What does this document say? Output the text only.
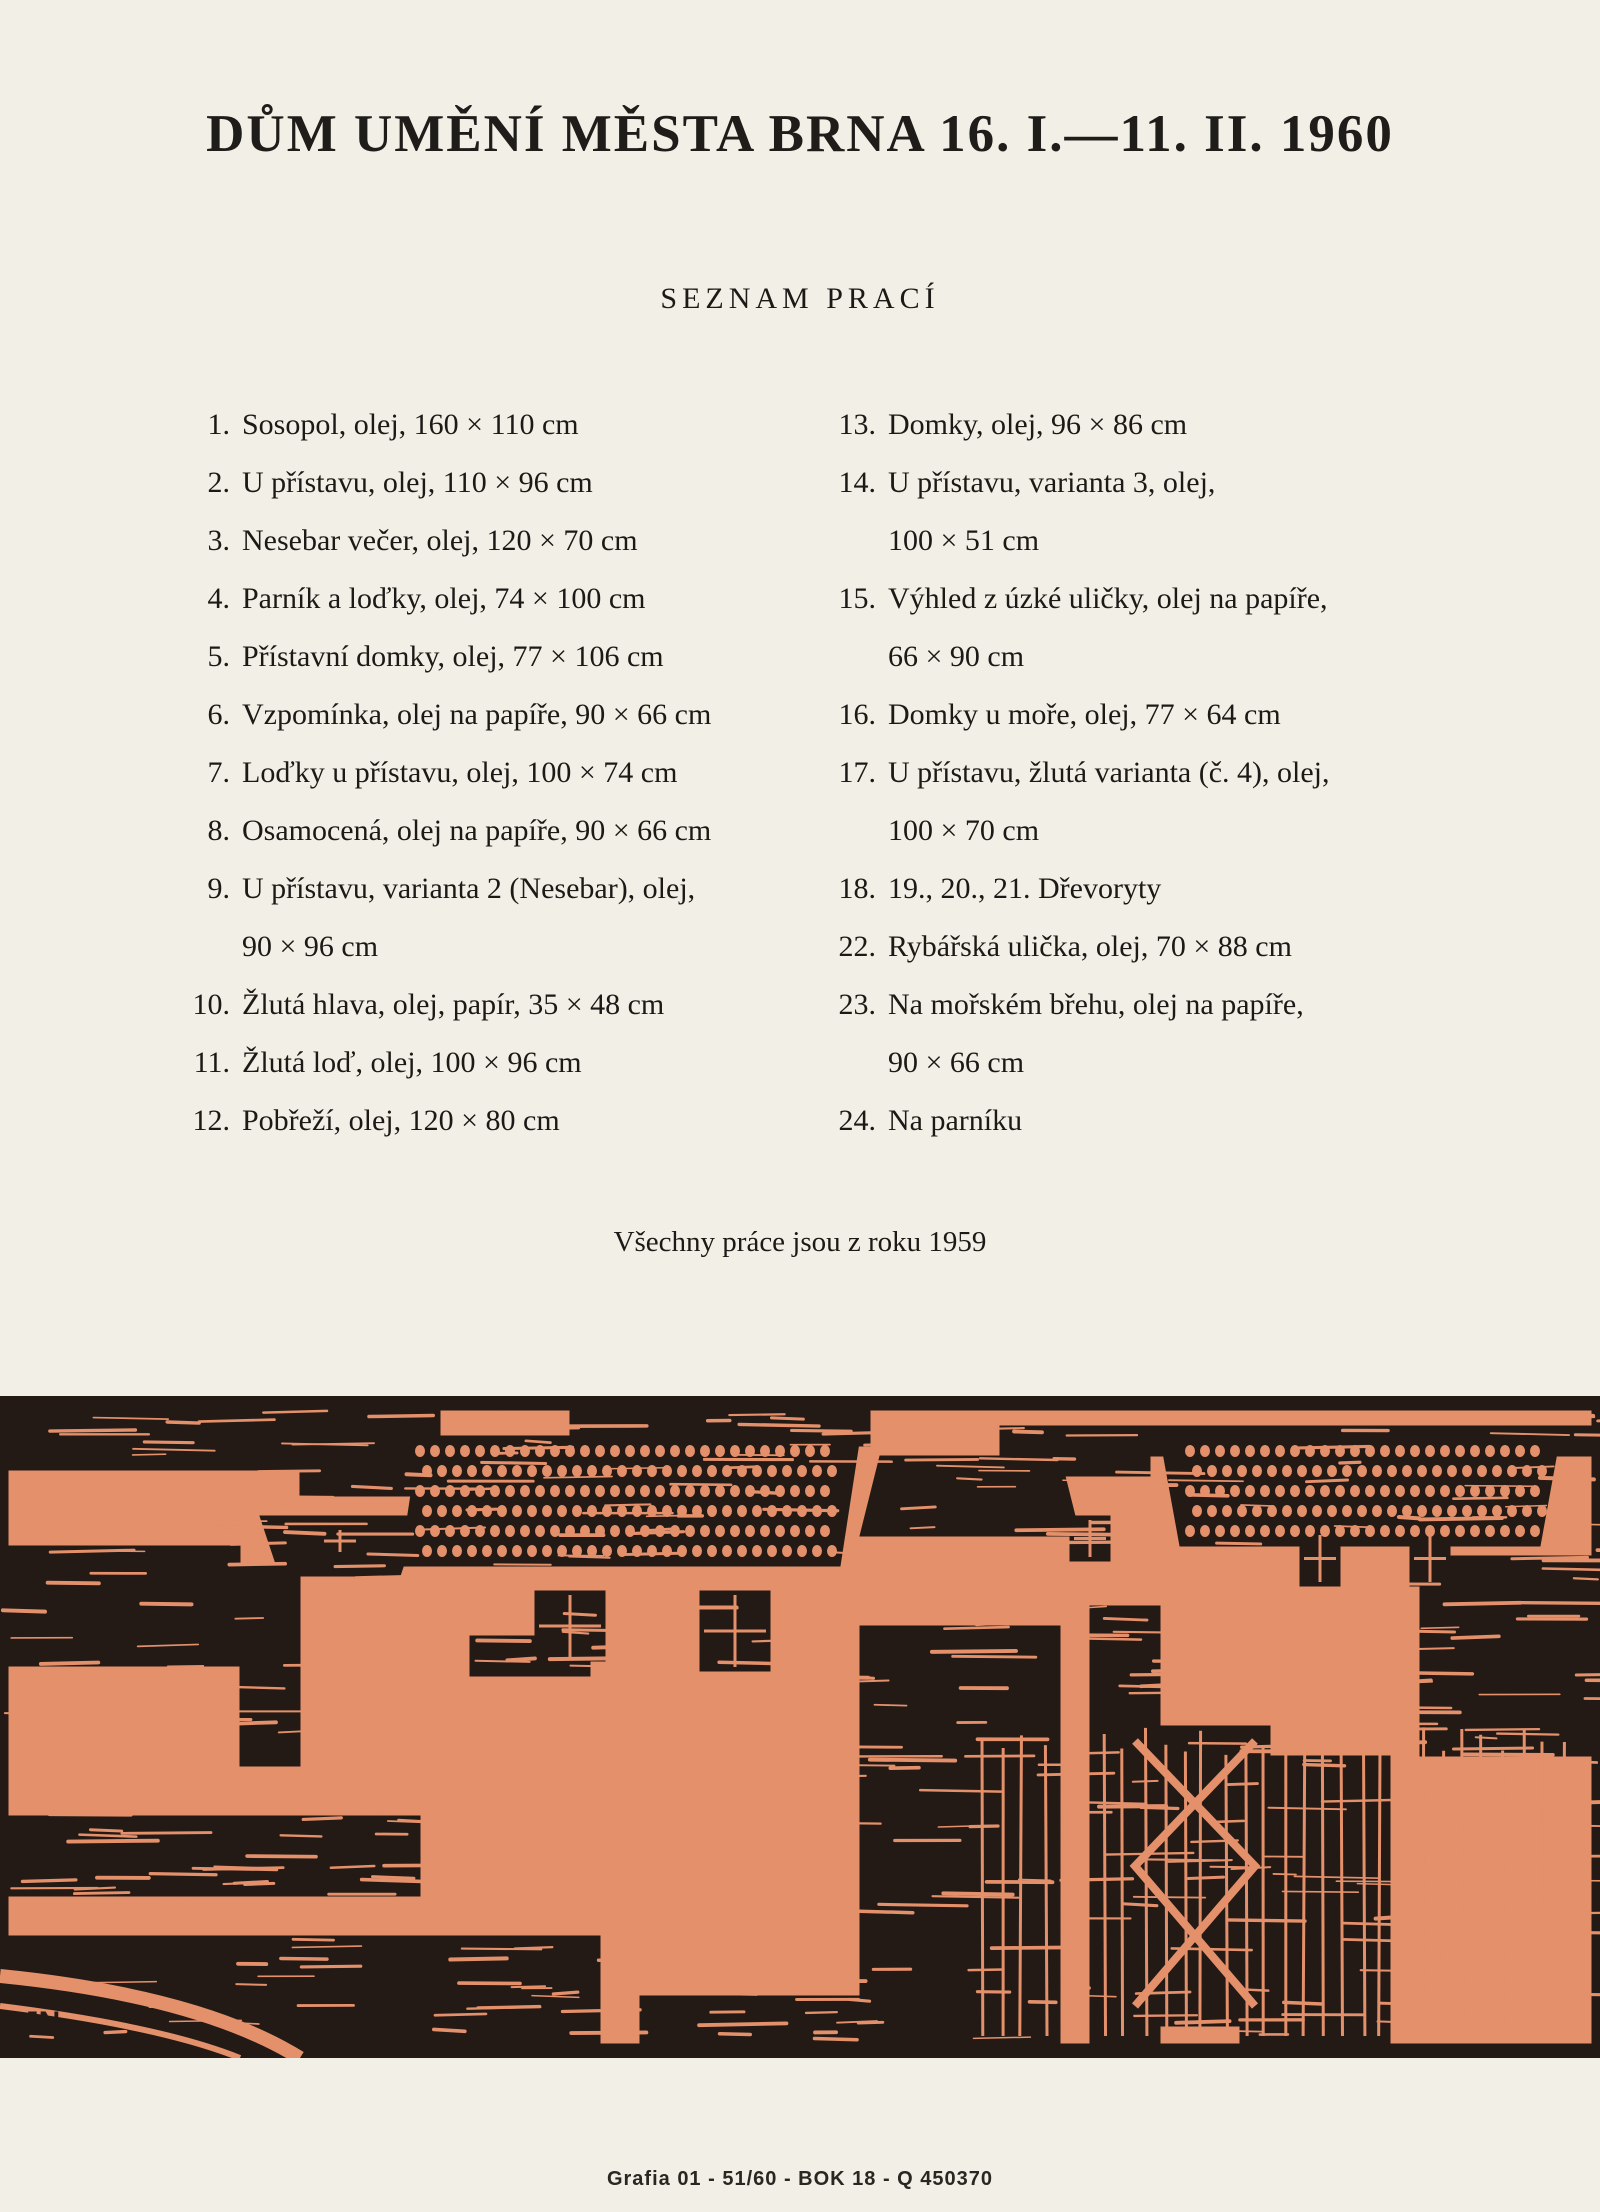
DŮM UMĚNÍ MĚSTA BRNA 16. I.—11. II. 1960
SEZNAM PRACÍ
1. Sosopol, olej, 160 × 110 cm
2. U přístavu, olej, 110 × 96 cm
3. Nesebar večer, olej, 120 × 70 cm
4. Parník a loďky, olej, 74 × 100 cm
5. Přístavní domky, olej, 77 × 106 cm
6. Vzpomínka, olej na papíře, 90 × 66 cm
7. Loďky u přístavu, olej, 100 × 74 cm
8. Osamocená, olej na papíře, 90 × 66 cm
9. U přístavu, varianta 2 (Nesebar), olej,
90 × 96 cm
10. Žlutá hlava, olej, papír, 35 × 48 cm
11. Žlutá loď, olej, 100 × 96 cm
12. Pobřeží, olej, 120 × 80 cm
13. Domky, olej, 96 × 86 cm
14. U přístavu, varianta 3, olej,
100 × 51 cm
15. Výhled z úzké uličky, olej na papíře,
66 × 90 cm
16. Domky u moře, olej, 77 × 64 cm
17. U přístavu, žlutá varianta (č. 4), olej,
100 × 70 cm
18. 19., 20., 21. Dřevoryty
22. Rybářská ulička, olej, 70 × 88 cm
23. Na mořském břehu, olej na papíře,
90 × 66 cm
24. Na parníku
Všechny práce jsou z roku 1959
JN
Grafia 01 - 51/60 - BOK 18 - Q 450370
